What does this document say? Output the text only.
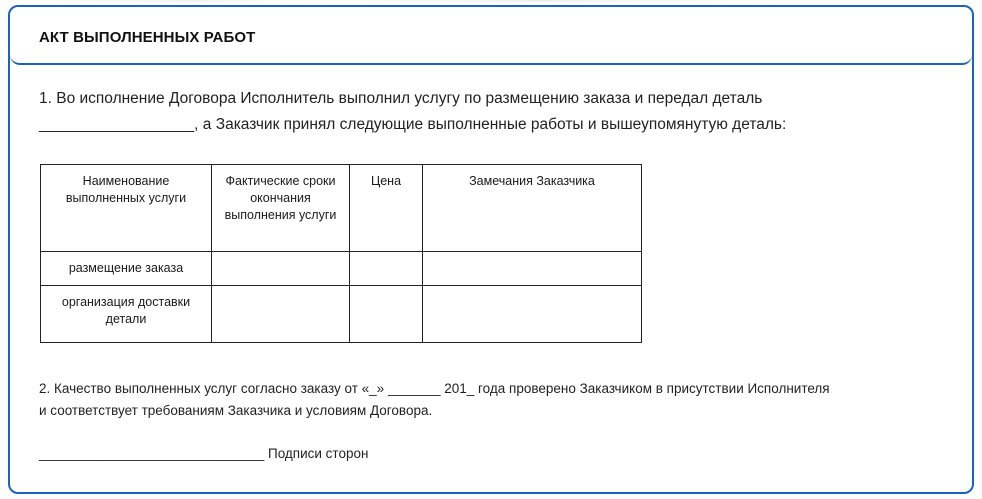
АКТ ВЫПОЛНЕННЫХ РАБОТ
1. Во исполнение Договора Исполнитель выполнил услугу по размещению заказа и передал деталь
__________________, а Заказчик принял следующие выполненные работы и вышеупомянутую деталь:
Наименование выполненных услуги	Фактические сроки окончания выполнения услуги	Цена	Замечания Заказчика
размещение заказа			
организация доставки детали			
2. Качество выполненных услуг согласно заказу от «_» _______ 201_ года проверено Заказчиком в присутствии Исполнителя
и соответствует требованиям Заказчика и условиям Договора.
______________________________ Подписи сторон
